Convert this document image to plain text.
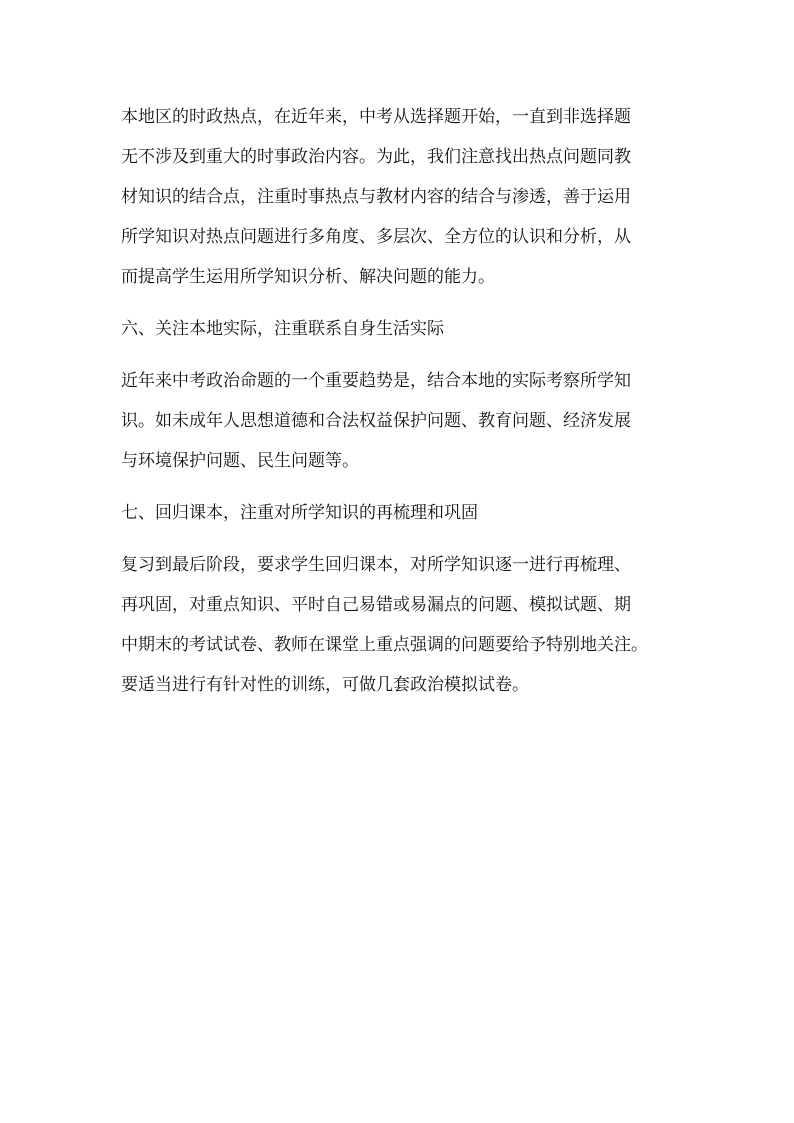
本地区的时政热点，在近年来，中考从选择题开始，一直到非选择题
无不涉及到重大的时事政治内容。为此，我们注意找出热点问题同教
材知识的结合点，注重时事热点与教材内容的结合与渗透，善于运用
所学知识对热点问题进行多角度、多层次、全方位的认识和分析，从
而提高学生运用所学知识分析、解决问题的能力。
六、关注本地实际，注重联系自身生活实际
近年来中考政治命题的一个重要趋势是，结合本地的实际考察所学知
识。如未成年人思想道德和合法权益保护问题、教育问题、经济发展
与环境保护问题、民生问题等。
七、回归课本，注重对所学知识的再梳理和巩固
复习到最后阶段，要求学生回归课本，对所学知识逐一进行再梳理、
再巩固，对重点知识、平时自己易错或易漏点的问题、模拟试题、期
中期末的考试试卷、教师在课堂上重点强调的问题要给予特别地关注。
要适当进行有针对性的训练，可做几套政治模拟试卷。
